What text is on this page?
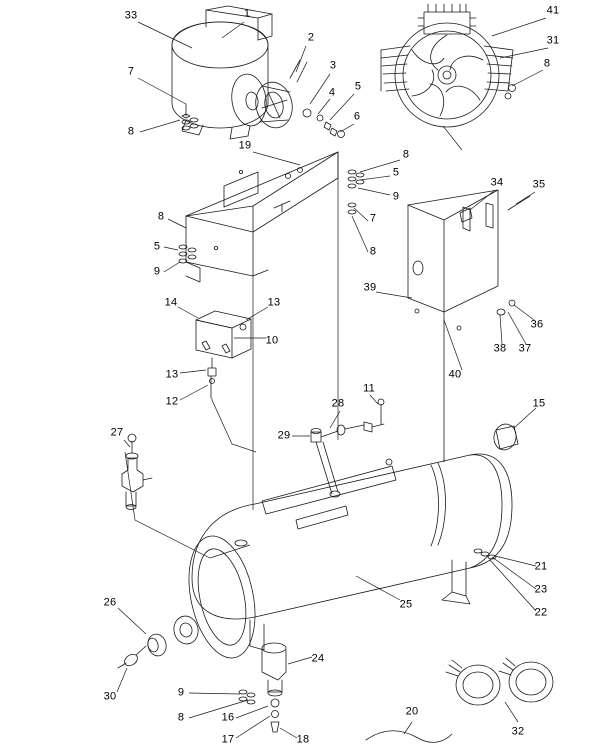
33	1	41
2	31
3	8
7
4 5
6
8
19
8
5
9
34	35
8	7
5	8
9
39
36
14	13
38 37
10
13	40
12
11
15
28
29
27
21
23
22
25
26
24
30	9
8	16
17	18
20
32
